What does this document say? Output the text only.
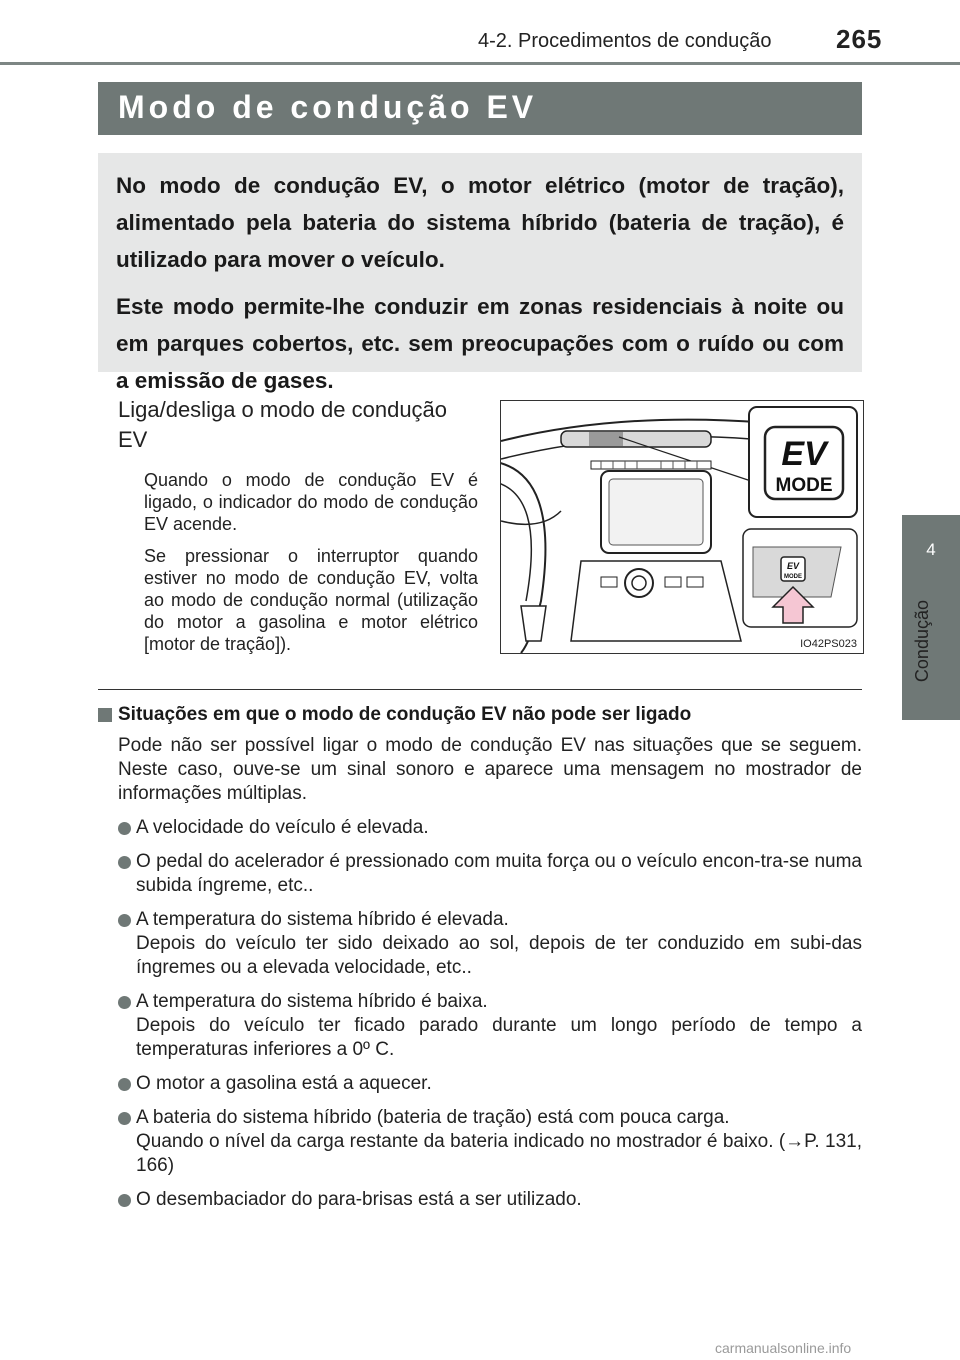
4-2. Procedimentos de condução 265
4
Condução
Modo de condução EV

No modo de condução EV, o motor elétrico (motor de tração), alimentado pela bateria do sistema híbrido (bateria de tração), é utilizado para mover o veículo.

Este modo permite-lhe conduzir em zonas residenciais à noite ou em parques cobertos, etc. sem preocupações com o ruído ou com a emissão de gases.

Liga/desliga o modo de condução EV
Quando o modo de condução EV é ligado, o indicador do modo de condução EV acende.
Se pressionar o interruptor quando estiver no modo de condução EV, volta ao modo de condução normal (utilização do motor a gasolina e motor elétrico [motor de tração]).
EV
MODE
EV
MODE
IO42PS023
Situações em que o modo de condução EV não pode ser ligado
Pode não ser possível ligar o modo de condução EV nas situações que se seguem. Neste caso, ouve-se um sinal sonoro e aparece uma mensagem no mostrador de informações múltiplas.
A velocidade do veículo é elevada.
O pedal do acelerador é pressionado com muita força ou o veículo encon-tra-se numa subida íngreme, etc..
A temperatura do sistema híbrido é elevada.
Depois do veículo ter sido deixado ao sol, depois de ter conduzido em subi-das íngremes ou a elevada velocidade, etc..
A temperatura do sistema híbrido é baixa.
Depois do veículo ter ficado parado durante um longo período de tempo a temperaturas inferiores a 0º C.
O motor a gasolina está a aquecer.
A bateria do sistema híbrido (bateria de tração) está com pouca carga.
Quando o nível da carga restante da bateria indicado no mostrador é baixo. (→P. 131, 166)
O desembaciador do para-brisas está a ser utilizado.
carmanualsonline.info
